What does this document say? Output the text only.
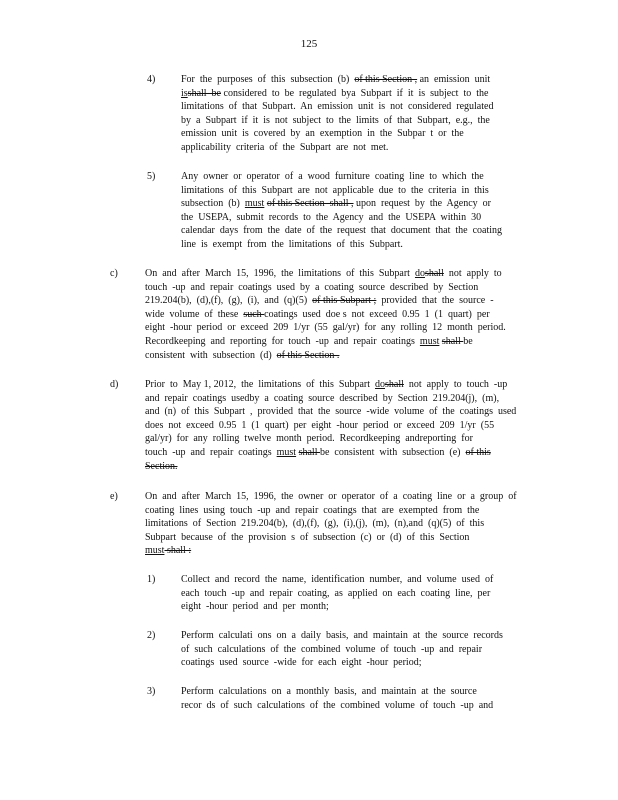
125
4)	For  the  purposes  of  this  subsection  (b)  of this Section , an  emission  unit
isshall  be considered  to  be  regulated  bya  Subpart  if  it  is  subject  to  the
limitations  of  that  Subpart.  An  emission  unit  is  not  considered  regulated
by  a  Subpart  if  it  is  not  subject  to  the  limits  of  that  Subpart,  e.g.,  the
emission  unit  is  covered  by  an  exemption  in  the  Subpar  t  or  the
applicability  criteria  of  the  Subpart  are  not  met.
5)	Any  owner  or  operator  of  a  wood  furniture  coating  line  to  which  the
limitations  of  this  Subpart  are  not  applicable  due  to  the  criteria  in  this
subsection  (b)  must of this Section  shall , upon  request  by  the  Agency  or
the  USEPA,  submit  records  to  the  Agency  and  the  USEPA  within  30
calendar  days  from  the  date  of  the  request  that  document  that  the  coating
line  is  exempt  from  the  limitations  of  this  Subpart.
c)	On  and  after  March  15,  1996,  the  limitations  of  this  Subpart  doshall  not  apply  to
touch  -up  and  repair  coatings  used  by  a  coating  source  described  by  Section
219.204(b),  (d),(f),  (g),  (i),  and  (q)(5)  of this Subpart ;  provided  that  the  source  -
wide  volume  of  these  such coatings  used  doe s  not  exceed  0.95  1  (1  quart)  per
eight  -hour  period  or  exceed  209  1/yr  (55  gal/yr)  for  any  rolling  12  month  period.
Recordkeeping  and  reporting  for  touch  -up  and  repair  coatings  must shall be
consistent  with  subsection  (d)  of this Section .
d)	Prior  to  May 1, 2012,  the  limitations  of  this  Subpart  doshall  not  apply  to  touch  -up
and  repair  coatings  usedby  a  coating  source  described  by  Section  219.204(j),  (m),
and  (n)  of  this  Subpart  ,  provided  that  the  source  -wide  volume  of  the  coatings  used
does  not  exceed  0.95  1  (1  quart)  per  eight  -hour  period  or  exceed  209  1/yr  (55
gal/yr)  for  any  rolling  twelve  month  period.  Recordkeeping  andreporting  for
touch  -up  and  repair  coatings  must shall be  consistent  with  subsection  (e)  of this
Section.
e)	On  and  after  March  15,  1996,  the  owner  or  operator  of  a  coating  line  or  a  group  of
coating  lines  using  touch  -up  and  repair  coatings  that  are  exempted  from  the
limitations  of  Section  219.204(b),  (d),(f),  (g),  (i),(j),  (m),  (n),and  (q)(5)  of  this
Subpart  because  of  the  provision  s  of  subsection  (c)  or  (d)  of  this  Section
must shall :
1)	Collect  and  record  the  name,  identification  number,  and  volume  used  of
each  touch  -up  and  repair  coating,  as  applied  on  each  coating  line,  per
eight  -hour  period  and  per  month;
2)	Perform  calculati  ons  on  a  daily  basis,  and  maintain  at  the  source  records
of  such  calculations  of  the  combined  volume  of  touch  -up  and  repair
coatings  used  source  -wide  for  each  eight  -hour  period;
3)	Perform  calculations  on  a  monthly  basis,  and  maintain  at  the  source
recor  ds  of  such  calculations  of  the  combined  volume  of  touch  -up  and
